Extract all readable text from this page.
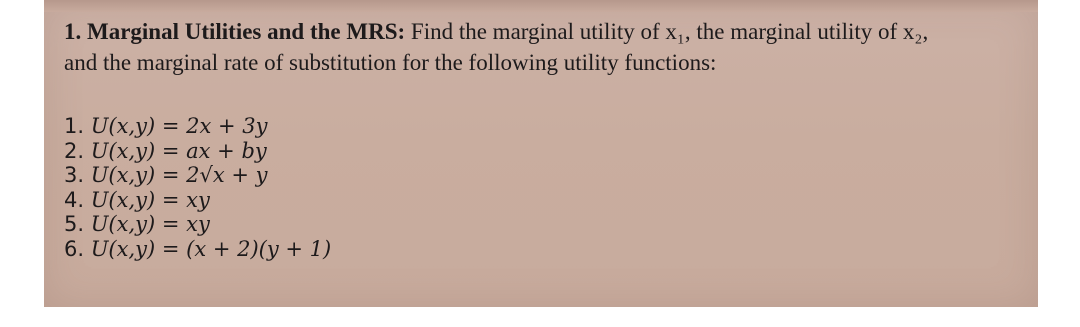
1. Marginal Utilities and the MRS: Find the marginal utility of x₁, the marginal utility of x₂,
and the marginal rate of substitution for the following utility functions:
1. U(x,y) = 2x + 3y
2. U(x,y) = ax + by
3. U(x,y) = 2√x + y
4. U(x,y) = xy
5. U(x,y) = xy
6. U(x,y) = (x + 2)(y + 1)
